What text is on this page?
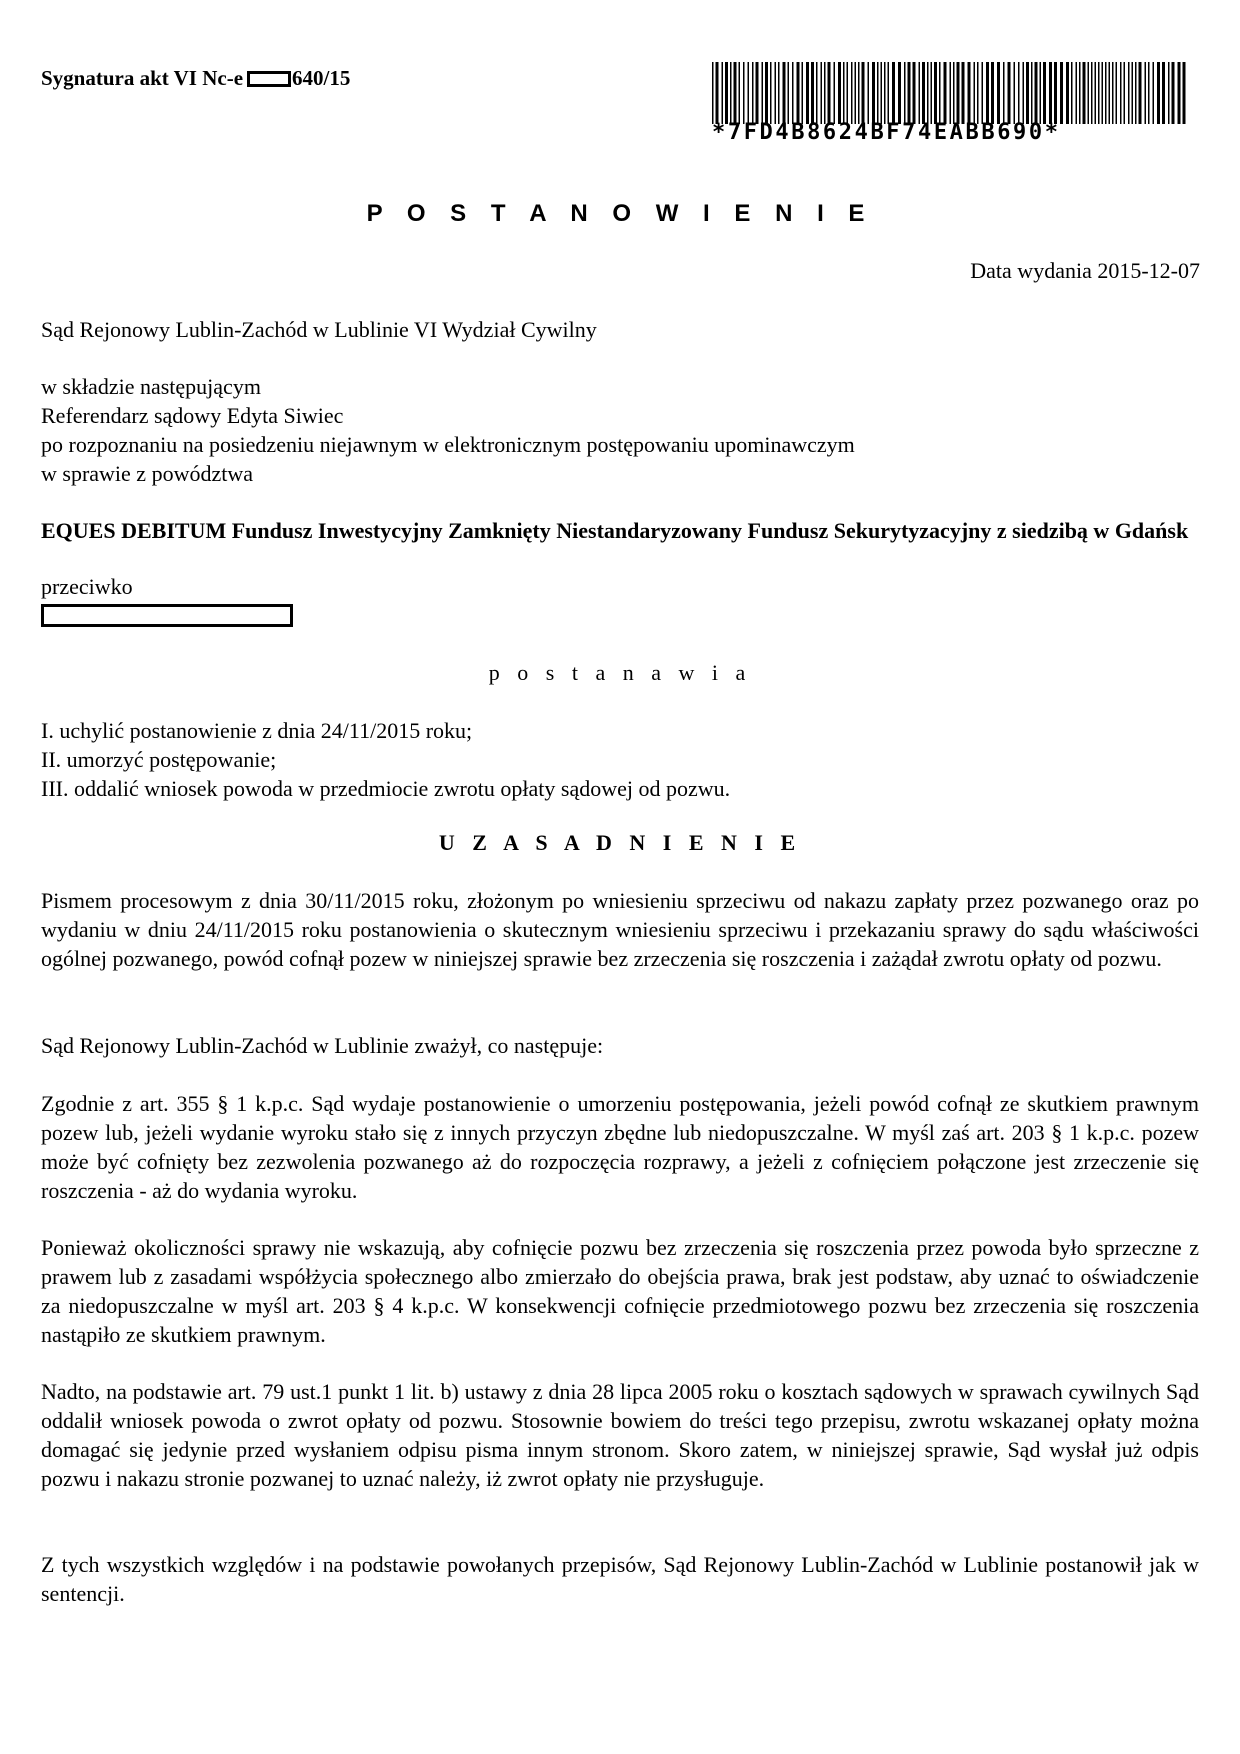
Sygnatura akt VI Nc-e 640/15
*7FD4B8624BF74EABB690*
P O S T A N O W I E N I E
Data wydania 2015-12-07
Sąd Rejonowy Lublin-Zachód w Lublinie VI Wydział Cywilny
w składzie następującym
Referendarz sądowy Edyta Siwiec
po rozpoznaniu na posiedzeniu niejawnym w elektronicznym postępowaniu upominawczym
w sprawie z powództwa
EQUES DEBITUM Fundusz Inwestycyjny Zamknięty Niestandaryzowany Fundusz Sekurytyzacyjny z siedzibą w Gdańsk
przeciwko
p o s t a n a w i a
I. uchylić postanowienie z dnia 24/11/2015 roku;
II. umorzyć postępowanie;
III. oddalić wniosek powoda w przedmiocie zwrotu opłaty sądowej od pozwu.
U Z A S A D N I E N I E
Pismem procesowym z dnia 30/11/2015 roku, złożonym po wniesieniu sprzeciwu od nakazu zapłaty przez pozwanego oraz po wydaniu w dniu 24/11/2015 roku postanowienia o skutecznym wniesieniu sprzeciwu i przekazaniu sprawy do sądu właściwości ogólnej pozwanego, powód cofnął pozew w niniejszej sprawie bez zrzeczenia się roszczenia i zażądał zwrotu opłaty od pozwu.
Sąd Rejonowy Lublin-Zachód w Lublinie zważył, co następuje:
Zgodnie z art. 355 § 1 k.p.c. Sąd wydaje postanowienie o umorzeniu postępowania, jeżeli powód cofnął ze skutkiem prawnym pozew lub, jeżeli wydanie wyroku stało się z innych przyczyn zbędne lub niedopuszczalne. W myśl zaś art. 203 § 1 k.p.c. pozew może być cofnięty bez zezwolenia pozwanego aż do rozpoczęcia rozprawy, a jeżeli z cofnięciem połączone jest zrzeczenie się roszczenia - aż do wydania wyroku.
Ponieważ okoliczności sprawy nie wskazują, aby cofnięcie pozwu bez zrzeczenia się roszczenia przez powoda było sprzeczne z prawem lub z zasadami współżycia społecznego albo zmierzało do obejścia prawa, brak jest podstaw, aby uznać to oświadczenie za niedopuszczalne w myśl art. 203 § 4 k.p.c. W konsekwencji cofnięcie przedmiotowego pozwu bez zrzeczenia się roszczenia nastąpiło ze skutkiem prawnym.
Nadto, na podstawie art. 79 ust.1 punkt 1 lit. b) ustawy z dnia 28 lipca 2005 roku o kosztach sądowych w sprawach cywilnych Sąd oddalił wniosek powoda o zwrot opłaty od pozwu. Stosownie bowiem do treści tego przepisu, zwrotu wskazanej opłaty można domagać się jedynie przed wysłaniem odpisu pisma innym stronom. Skoro zatem, w niniejszej sprawie, Sąd wysłał już odpis pozwu i nakazu stronie pozwanej to uznać należy, iż zwrot opłaty nie przysługuje.
Z tych wszystkich względów i na podstawie powołanych przepisów, Sąd Rejonowy Lublin-Zachód w Lublinie postanowił jak w sentencji.
